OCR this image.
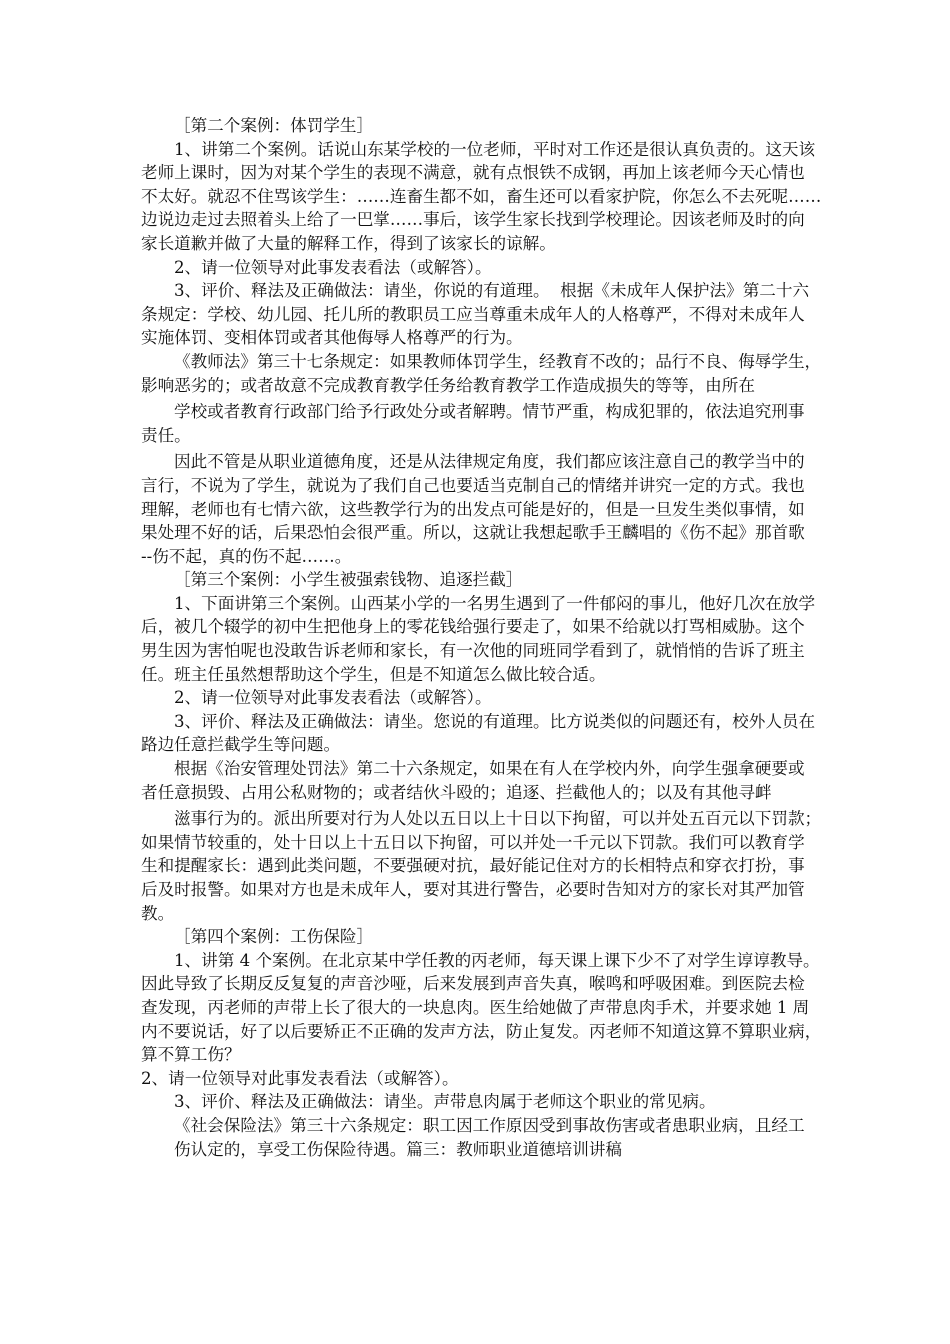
［第二个案例：体罚学生］

1、讲第二个案例。话说山东某学校的一位老师，平时对工作还是很认真负责的。这天该

老师上课时，因为对某个学生的表现不满意，就有点恨铁不成钢，再加上该老师今天心情也

不太好。就忍不住骂该学生：……连畜生都不如，畜生还可以看家护院，你怎么不去死呢……

边说边走过去照着头上给了一巴掌……事后，该学生家长找到学校理论。因该老师及时的向

家长道歉并做了大量的解释工作，得到了该家长的谅解。

2、请一位领导对此事发表看法（或解答）。

3、评价、释法及正确做法：请坐，你说的有道理。  根据《未成年人保护法》第二十六

条规定：学校、幼儿园、托儿所的教职员工应当尊重未成年人的人格尊严，不得对未成年人

实施体罚、变相体罚或者其他侮辱人格尊严的行为。

《教师法》第三十七条规定：如果教师体罚学生，经教育不改的；品行不良、侮辱学生，

影响恶劣的；或者故意不完成教育教学任务给教育教学工作造成损失的等等，由所在

学校或者教育行政部门给予行政处分或者解聘。情节严重，构成犯罪的，依法追究刑事

责任。

因此不管是从职业道德角度，还是从法律规定角度，我们都应该注意自己的教学当中的

言行，不说为了学生，就说为了我们自己也要适当克制自己的情绪并讲究一定的方式。我也

理解，老师也有七情六欲，这些教学行为的出发点可能是好的，但是一旦发生类似事情，如

果处理不好的话，后果恐怕会很严重。所以，这就让我想起歌手王麟唱的《伤不起》那首歌

--伤不起，真的伤不起……。

［第三个案例：小学生被强索钱物、追逐拦截］

1、下面讲第三个案例。山西某小学的一名男生遇到了一件郁闷的事儿，他好几次在放学

后，被几个辍学的初中生把他身上的零花钱给强行要走了，如果不给就以打骂相威胁。这个

男生因为害怕呢也没敢告诉老师和家长，有一次他的同班同学看到了，就悄悄的告诉了班主

任。班主任虽然想帮助这个学生，但是不知道怎么做比较合适。

2、请一位领导对此事发表看法（或解答）。

3、评价、释法及正确做法：请坐。您说的有道理。比方说类似的问题还有，校外人员在

路边任意拦截学生等问题。

根据《治安管理处罚法》第二十六条规定，如果在有人在学校内外，向学生强拿硬要或

者任意损毁、占用公私财物的；或者结伙斗殴的；追逐、拦截他人的；以及有其他寻衅

滋事行为的。派出所要对行为人处以五日以上十日以下拘留，可以并处五百元以下罚款；

如果情节较重的，处十日以上十五日以下拘留，可以并处一千元以下罚款。我们可以教育学

生和提醒家长：遇到此类问题，不要强硬对抗，最好能记住对方的长相特点和穿衣打扮，事

后及时报警。如果对方也是未成年人，要对其进行警告，必要时告知对方的家长对其严加管

教。

［第四个案例：工伤保险］

1、讲第 4 个案例。在北京某中学任教的丙老师，每天课上课下少不了对学生谆谆教导。

因此导致了长期反反复复的声音沙哑，后来发展到声音失真，喉鸣和呼吸困难。到医院去检

查发现，丙老师的声带上长了很大的一块息肉。医生给她做了声带息肉手术，并要求她 1 周

内不要说话，好了以后要矫正不正确的发声方法，防止复发。丙老师不知道这算不算职业病，

算不算工伤？

2、请一位领导对此事发表看法（或解答）。

3、评价、释法及正确做法：请坐。声带息肉属于老师这个职业的常见病。

《社会保险法》第三十六条规定：职工因工作原因受到事故伤害或者患职业病，且经工

伤认定的，享受工伤保险待遇。篇三：教师职业道德培训讲稿
